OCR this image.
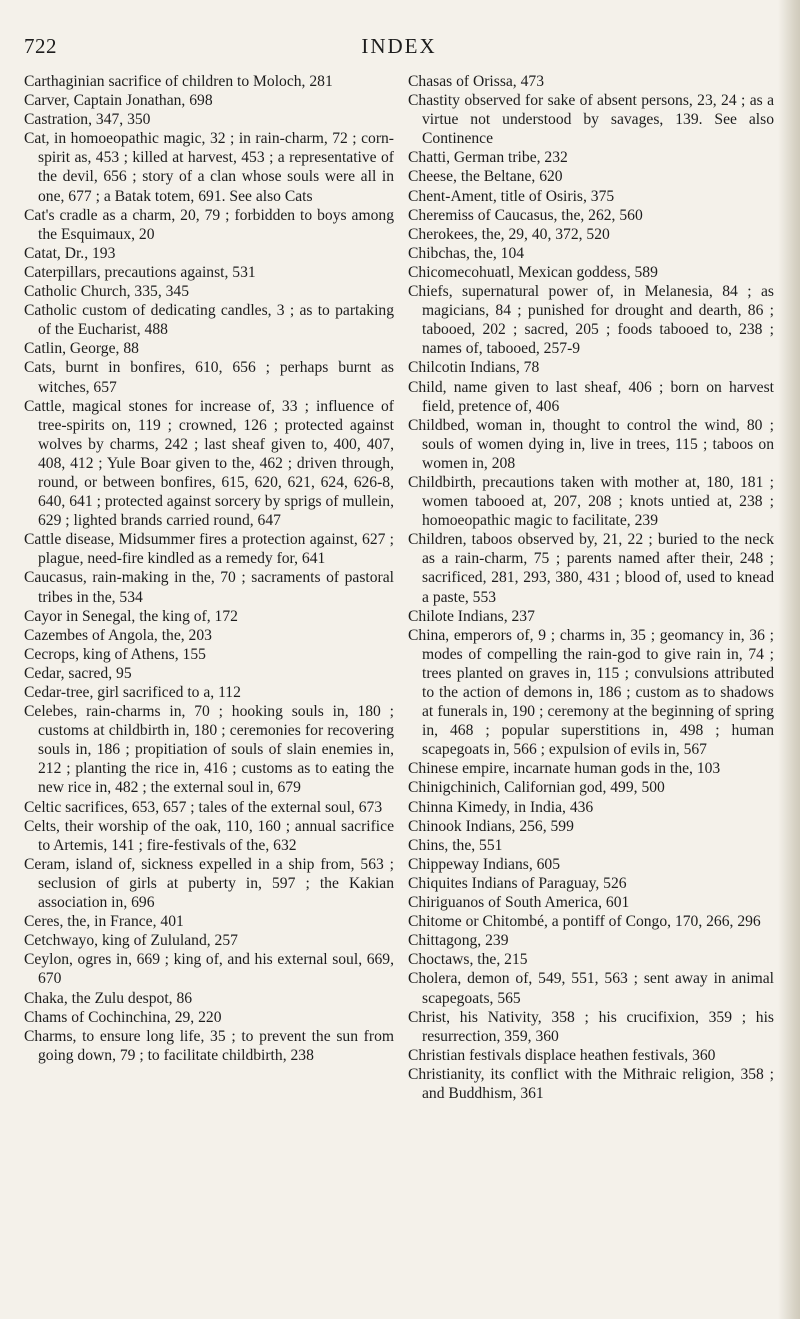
722	INDEX

Carthaginian sacrifice of children to Moloch, 281

Carver, Captain Jonathan, 698

Castration, 347, 350

Cat, in homoeopathic magic, 32 ; in rain-charm, 72 ; corn-spirit as, 453 ; killed at harvest, 453 ; a representative of the devil, 656 ; story of a clan whose souls were all in one, 677 ; a Batak totem, 691. See also Cats

Cat's cradle as a charm, 20, 79 ; forbidden to boys among the Esquimaux, 20

Catat, Dr., 193

Caterpillars, precautions against, 531

Catholic Church, 335, 345

Catholic custom of dedicating candles, 3 ; as to partaking of the Eucharist, 488

Catlin, George, 88

Cats, burnt in bonfires, 610, 656 ; perhaps burnt as witches, 657

Cattle, magical stones for increase of, 33 ; influence of tree-spirits on, 119 ; crowned, 126 ; protected against wolves by charms, 242 ; last sheaf given to, 400, 407, 408, 412 ; Yule Boar given to the, 462 ; driven through, round, or between bonfires, 615, 620, 621, 624, 626-8, 640, 641 ; protected against sorcery by sprigs of mullein, 629 ; lighted brands carried round, 647

Cattle disease, Midsummer fires a protection against, 627 ; plague, need-fire kindled as a remedy for, 641

Caucasus, rain-making in the, 70 ; sacraments of pastoral tribes in the, 534

Cayor in Senegal, the king of, 172

Cazembes of Angola, the, 203

Cecrops, king of Athens, 155

Cedar, sacred, 95

Cedar-tree, girl sacrificed to a, 112

Celebes, rain-charms in, 70 ; hooking souls in, 180 ; customs at childbirth in, 180 ; ceremonies for recovering souls in, 186 ; propitiation of souls of slain enemies in, 212 ; planting the rice in, 416 ; customs as to eating the new rice in, 482 ; the external soul in, 679

Celtic sacrifices, 653, 657 ; tales of the external soul, 673

Celts, their worship of the oak, 110, 160 ; annual sacrifice to Artemis, 141 ; fire-festivals of the, 632

Ceram, island of, sickness expelled in a ship from, 563 ; seclusion of girls at puberty in, 597 ; the Kakian association in, 696

Ceres, the, in France, 401

Cetchwayo, king of Zululand, 257

Ceylon, ogres in, 669 ; king of, and his external soul, 669, 670

Chaka, the Zulu despot, 86

Chams of Cochinchina, 29, 220

Charms, to ensure long life, 35 ; to prevent the sun from going down, 79 ; to facilitate childbirth, 238

Chasas of Orissa, 473

Chastity observed for sake of absent persons, 23, 24 ; as a virtue not understood by savages, 139. See also Continence

Chatti, German tribe, 232

Cheese, the Beltane, 620

Chent-Ament, title of Osiris, 375

Cheremiss of Caucasus, the, 262, 560

Cherokees, the, 29, 40, 372, 520

Chibchas, the, 104

Chicomecohuatl, Mexican goddess, 589

Chiefs, supernatural power of, in Melanesia, 84 ; as magicians, 84 ; punished for drought and dearth, 86 ; tabooed, 202 ; sacred, 205 ; foods tabooed to, 238 ; names of, tabooed, 257-9

Chilcotin Indians, 78

Child, name given to last sheaf, 406 ; born on harvest field, pretence of, 406

Childbed, woman in, thought to control the wind, 80 ; souls of women dying in, live in trees, 115 ; taboos on women in, 208

Childbirth, precautions taken with mother at, 180, 181 ; women tabooed at, 207, 208 ; knots untied at, 238 ; homoeopathic magic to facilitate, 239

Children, taboos observed by, 21, 22 ; buried to the neck as a rain-charm, 75 ; parents named after their, 248 ; sacrificed, 281, 293, 380, 431 ; blood of, used to knead a paste, 553

Chilote Indians, 237

China, emperors of, 9 ; charms in, 35 ; geomancy in, 36 ; modes of compelling the rain-god to give rain in, 74 ; trees planted on graves in, 115 ; convulsions attributed to the action of demons in, 186 ; custom as to shadows at funerals in, 190 ; ceremony at the beginning of spring in, 468 ; popular superstitions in, 498 ; human scapegoats in, 566 ; expulsion of evils in, 567

Chinese empire, incarnate human gods in the, 103

Chinigchinich, Californian god, 499, 500

Chinna Kimedy, in India, 436

Chinook Indians, 256, 599

Chins, the, 551

Chippeway Indians, 605

Chiquites Indians of Paraguay, 526

Chiriguanos of South America, 601

Chitome or Chitombé, a pontiff of Congo, 170, 266, 296

Chittagong, 239

Choctaws, the, 215

Cholera, demon of, 549, 551, 563 ; sent away in animal scapegoats, 565

Christ, his Nativity, 358 ; his crucifixion, 359 ; his resurrection, 359, 360

Christian festivals displace heathen festivals, 360

Christianity, its conflict with the Mithraic religion, 358 ; and Buddhism, 361
